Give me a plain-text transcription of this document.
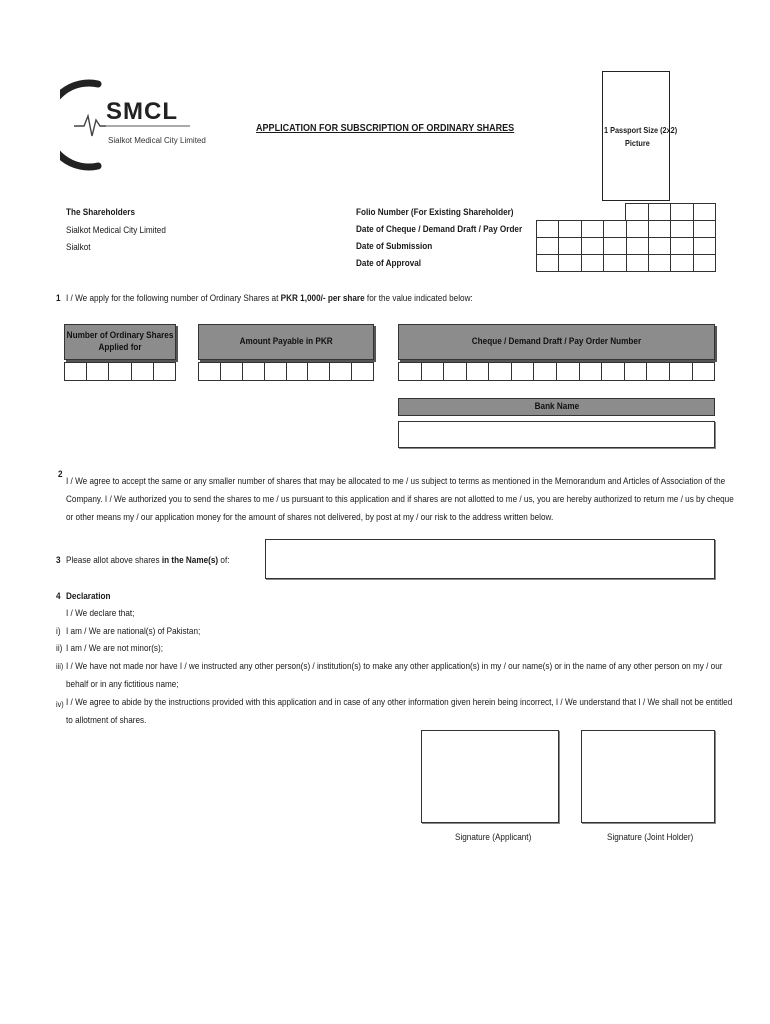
SMCL
Sialkot Medical City Limited
APPLICATION FOR SUBSCRIPTION OF ORDINARY SHARES	1 Passport Size (2x2)
Picture
The Shareholders
Sialkot Medical City Limited
Sialkot
Folio Number (For Existing Shareholder)
Date of Cheque / Demand Draft / Pay Order
Date of Submission
Date of Approval
1 I / We apply for the following number of Ordinary Shares at PKR 1,000/- per share for the value indicated below:
Number of Ordinary Shares
Applied for
Amount Payable in PKR	Cheque / Demand Draft / Pay Order Number
Bank Name
2
I / We agree to accept the same or any smaller number of shares that may be allocated to me / us subject to terms as mentioned in the Memorandum and Articles of Association of the
Company. I / We authorized you to send the shares to me / us pursuant to this application and if shares are not allotted to me / us, you are hereby authorized to return me / us by cheque
or other means my / our application money for the amount of shares not delivered, by post at my / our risk to the address written below.
3 Please allot above shares in the Name(s) of:
4 Declaration
I / We declare that;
i) I am / We are national(s) of Pakistan;
ii) I am / We are not minor(s);
iii) I / We have not made nor have I / we instructed any other person(s) / institution(s) to make any other application(s) in my / our name(s) or in the name of any other person on my / our
behalf or in any fictitious name;
iv) I / We agree to abide by the instructions provided with this application and in case of any other information given herein being incorrect, I / We understand that I / We shall not be entitled
to allotment of shares.
Signature (Applicant)	Signature (Joint Holder)
